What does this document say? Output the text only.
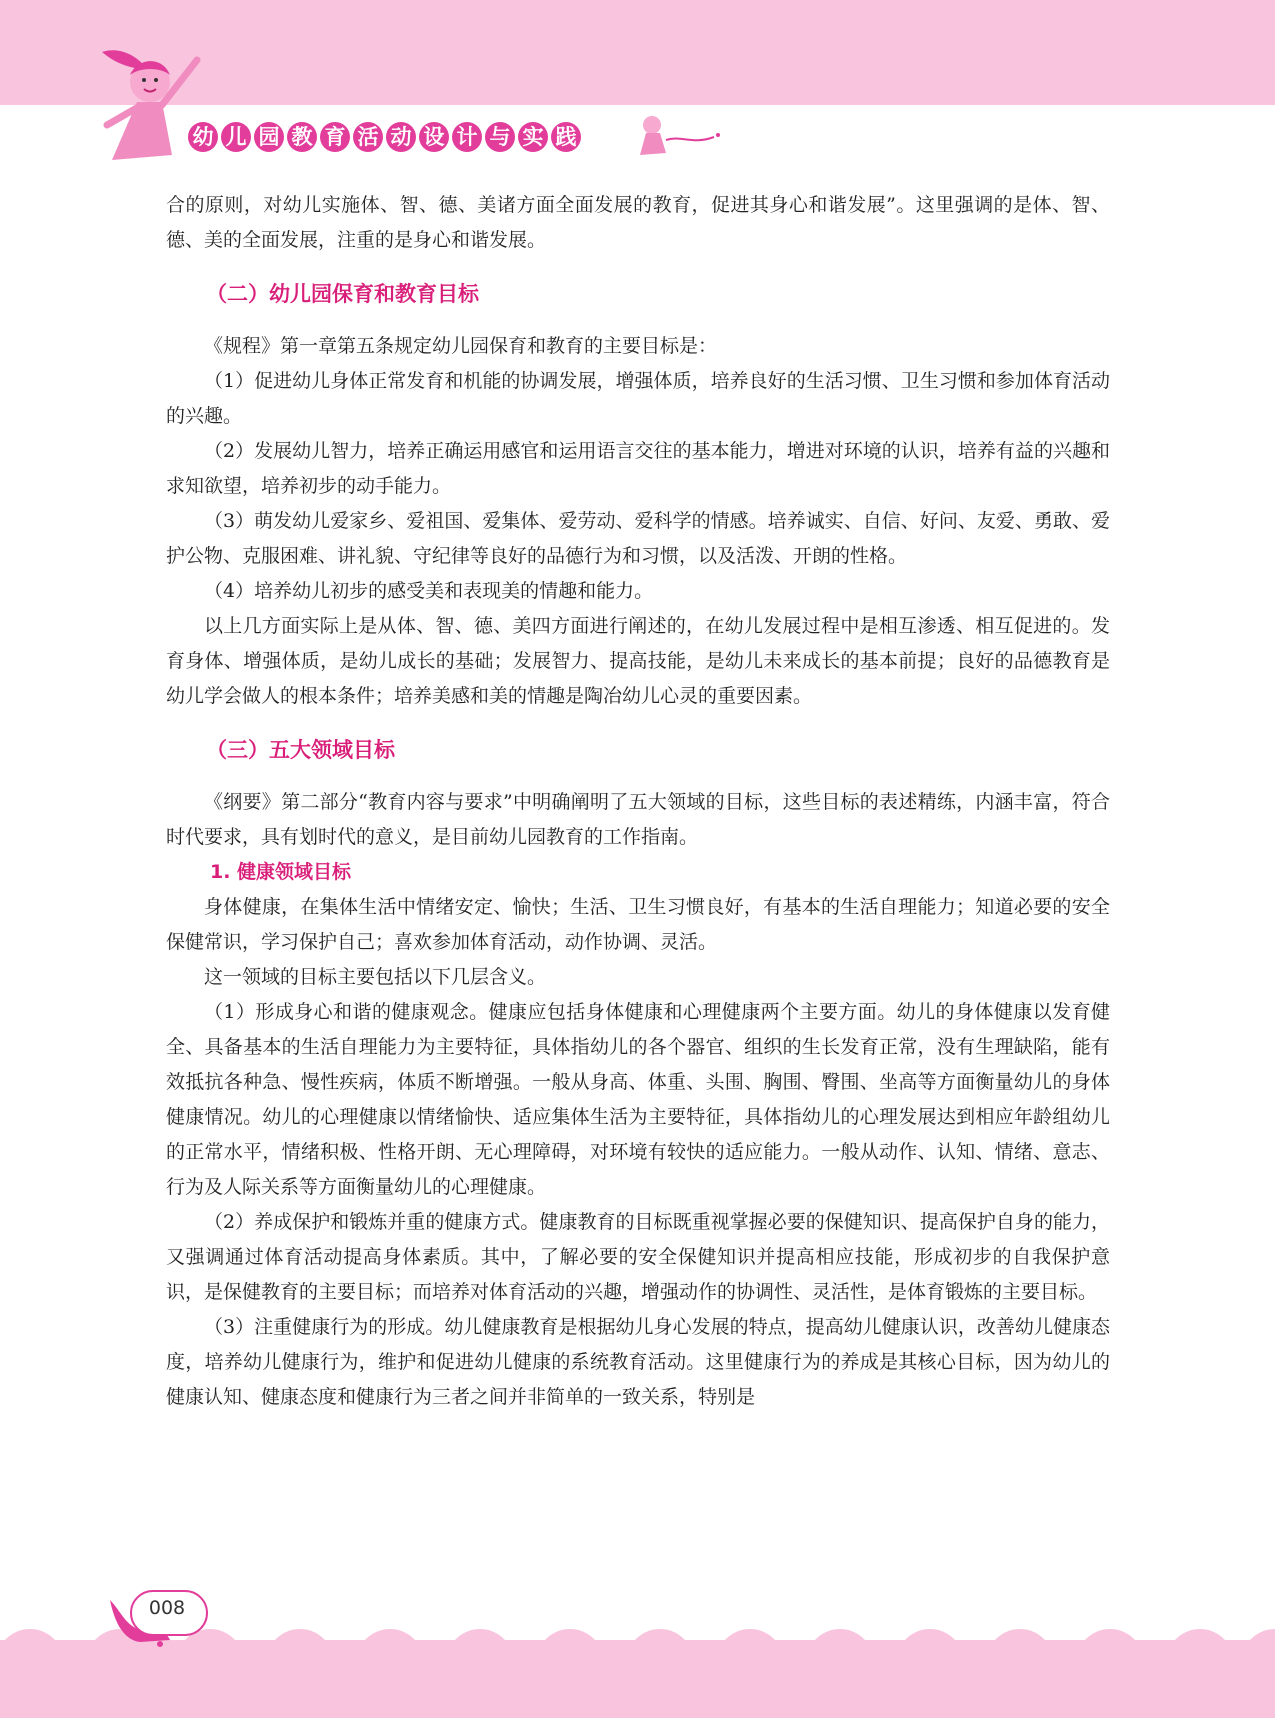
幼 儿 园 教 育 活 动 设 计 与 实 践

合的原则，对幼儿实施体、智、德、美诸方面全面发展的教育，促进其身心和谐发展”。这里强调的是体、智、德、美的全面发展，注重的是身心和谐发展。

（二）幼儿园保育和教育目标

《规程》第一章第五条规定幼儿园保育和教育的主要目标是：

（1）促进幼儿身体正常发育和机能的协调发展，增强体质，培养良好的生活习惯、卫生习惯和参加体育活动的兴趣。

（2）发展幼儿智力，培养正确运用感官和运用语言交往的基本能力，增进对环境的认识，培养有益的兴趣和求知欲望，培养初步的动手能力。

（3）萌发幼儿爱家乡、爱祖国、爱集体、爱劳动、爱科学的情感。培养诚实、自信、好问、友爱、勇敢、爱护公物、克服困难、讲礼貌、守纪律等良好的品德行为和习惯，以及活泼、开朗的性格。

（4）培养幼儿初步的感受美和表现美的情趣和能力。

以上几方面实际上是从体、智、德、美四方面进行阐述的，在幼儿发展过程中是相互渗透、相互促进的。发育身体、增强体质，是幼儿成长的基础；发展智力、提高技能，是幼儿未来成长的基本前提；良好的品德教育是幼儿学会做人的根本条件；培养美感和美的情趣是陶冶幼儿心灵的重要因素。

（三）五大领域目标

《纲要》第二部分“教育内容与要求”中明确阐明了五大领域的目标，这些目标的表述精练，内涵丰富，符合时代要求，具有划时代的意义，是目前幼儿园教育的工作指南。

1. 健康领域目标

身体健康，在集体生活中情绪安定、愉快；生活、卫生习惯良好，有基本的生活自理能力；知道必要的安全保健常识，学习保护自己；喜欢参加体育活动，动作协调、灵活。

这一领域的目标主要包括以下几层含义。

（1）形成身心和谐的健康观念。健康应包括身体健康和心理健康两个主要方面。幼儿的身体健康以发育健全、具备基本的生活自理能力为主要特征，具体指幼儿的各个器官、组织的生长发育正常，没有生理缺陷，能有效抵抗各种急、慢性疾病，体质不断增强。一般从身高、体重、头围、胸围、臀围、坐高等方面衡量幼儿的身体健康情况。幼儿的心理健康以情绪愉快、适应集体生活为主要特征，具体指幼儿的心理发展达到相应年龄组幼儿的正常水平，情绪积极、性格开朗、无心理障碍，对环境有较快的适应能力。一般从动作、认知、情绪、意志、行为及人际关系等方面衡量幼儿的心理健康。

（2）养成保护和锻炼并重的健康方式。健康教育的目标既重视掌握必要的保健知识、提高保护自身的能力，又强调通过体育活动提高身体素质。其中，了解必要的安全保健知识并提高相应技能，形成初步的自我保护意识，是保健教育的主要目标；而培养对体育活动的兴趣，增强动作的协调性、灵活性，是体育锻炼的主要目标。

（3）注重健康行为的形成。幼儿健康教育是根据幼儿身心发展的特点，提高幼儿健康认识，改善幼儿健康态度，培养幼儿健康行为，维护和促进幼儿健康的系统教育活动。这里健康行为的养成是其核心目标，因为幼儿的健康认知、健康态度和健康行为三者之间并非简单的一致关系，特别是

008
